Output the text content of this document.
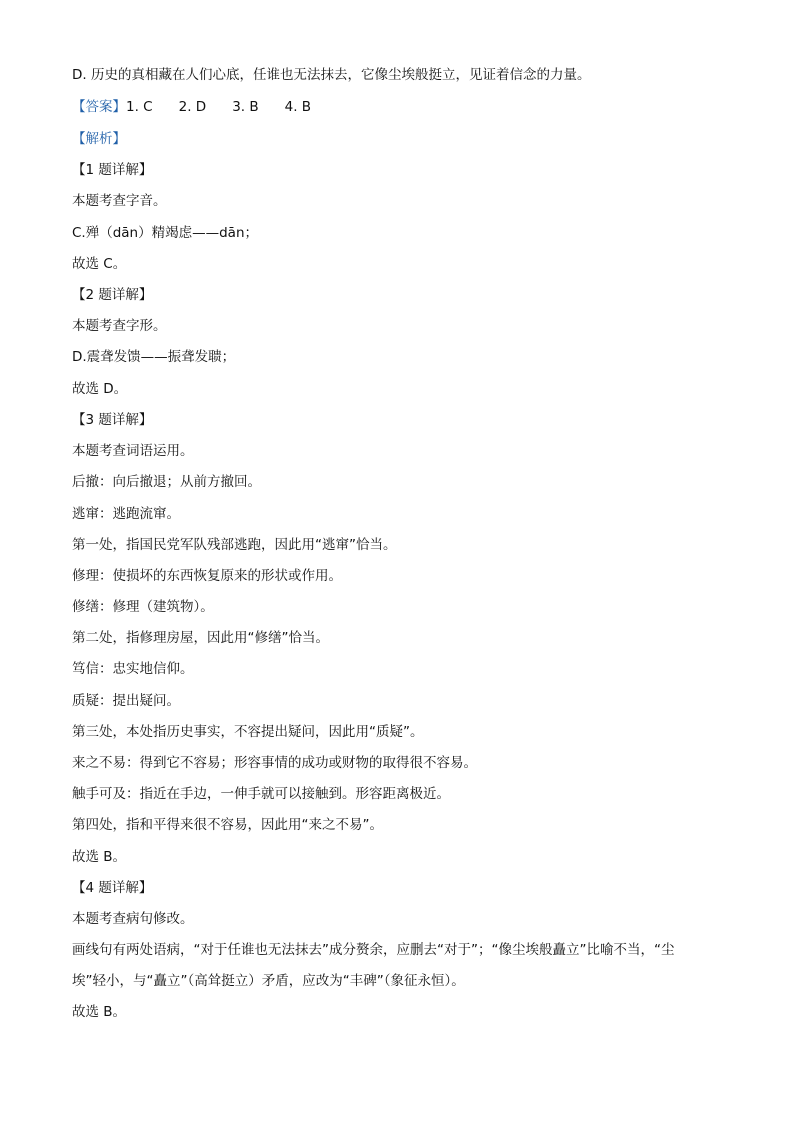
D. 历史的真相藏在人们心底，任谁也无法抹去，它像尘埃般挺立，见证着信念的力量。
【答案】1. C 2. D 3. B 4. B
【解析】
【1 题详解】
本题考查字音。
C.殚（dān）精竭虑——dān；
故选 C。
【2 题详解】
本题考查字形。
D.震聋发馈——振聋发聩；
故选 D。
【3 题详解】
本题考查词语运用。
后撤：向后撤退；从前方撤回。
逃窜：逃跑流窜。
第一处，指国民党军队残部逃跑，因此用“逃窜”恰当。
修理：使损坏的东西恢复原来的形状或作用。
修缮：修理（建筑物）。
第二处，指修理房屋，因此用“修缮”恰当。
笃信：忠实地信仰。
质疑：提出疑问。
第三处，本处指历史事实，不容提出疑问，因此用“质疑”。
来之不易：得到它不容易；形容事情的成功或财物的取得很不容易。
触手可及：指近在手边，一伸手就可以接触到。形容距离极近。
第四处，指和平得来很不容易，因此用“来之不易”。
故选 B。
【4 题详解】
本题考查病句修改。
画线句有两处语病，“对于任谁也无法抹去”成分赘余，应删去“对于”；“像尘埃般矗立”比喻不当，“尘
埃”轻小，与“矗立”（高耸挺立）矛盾，应改为“丰碑”（象征永恒）。
故选 B。
